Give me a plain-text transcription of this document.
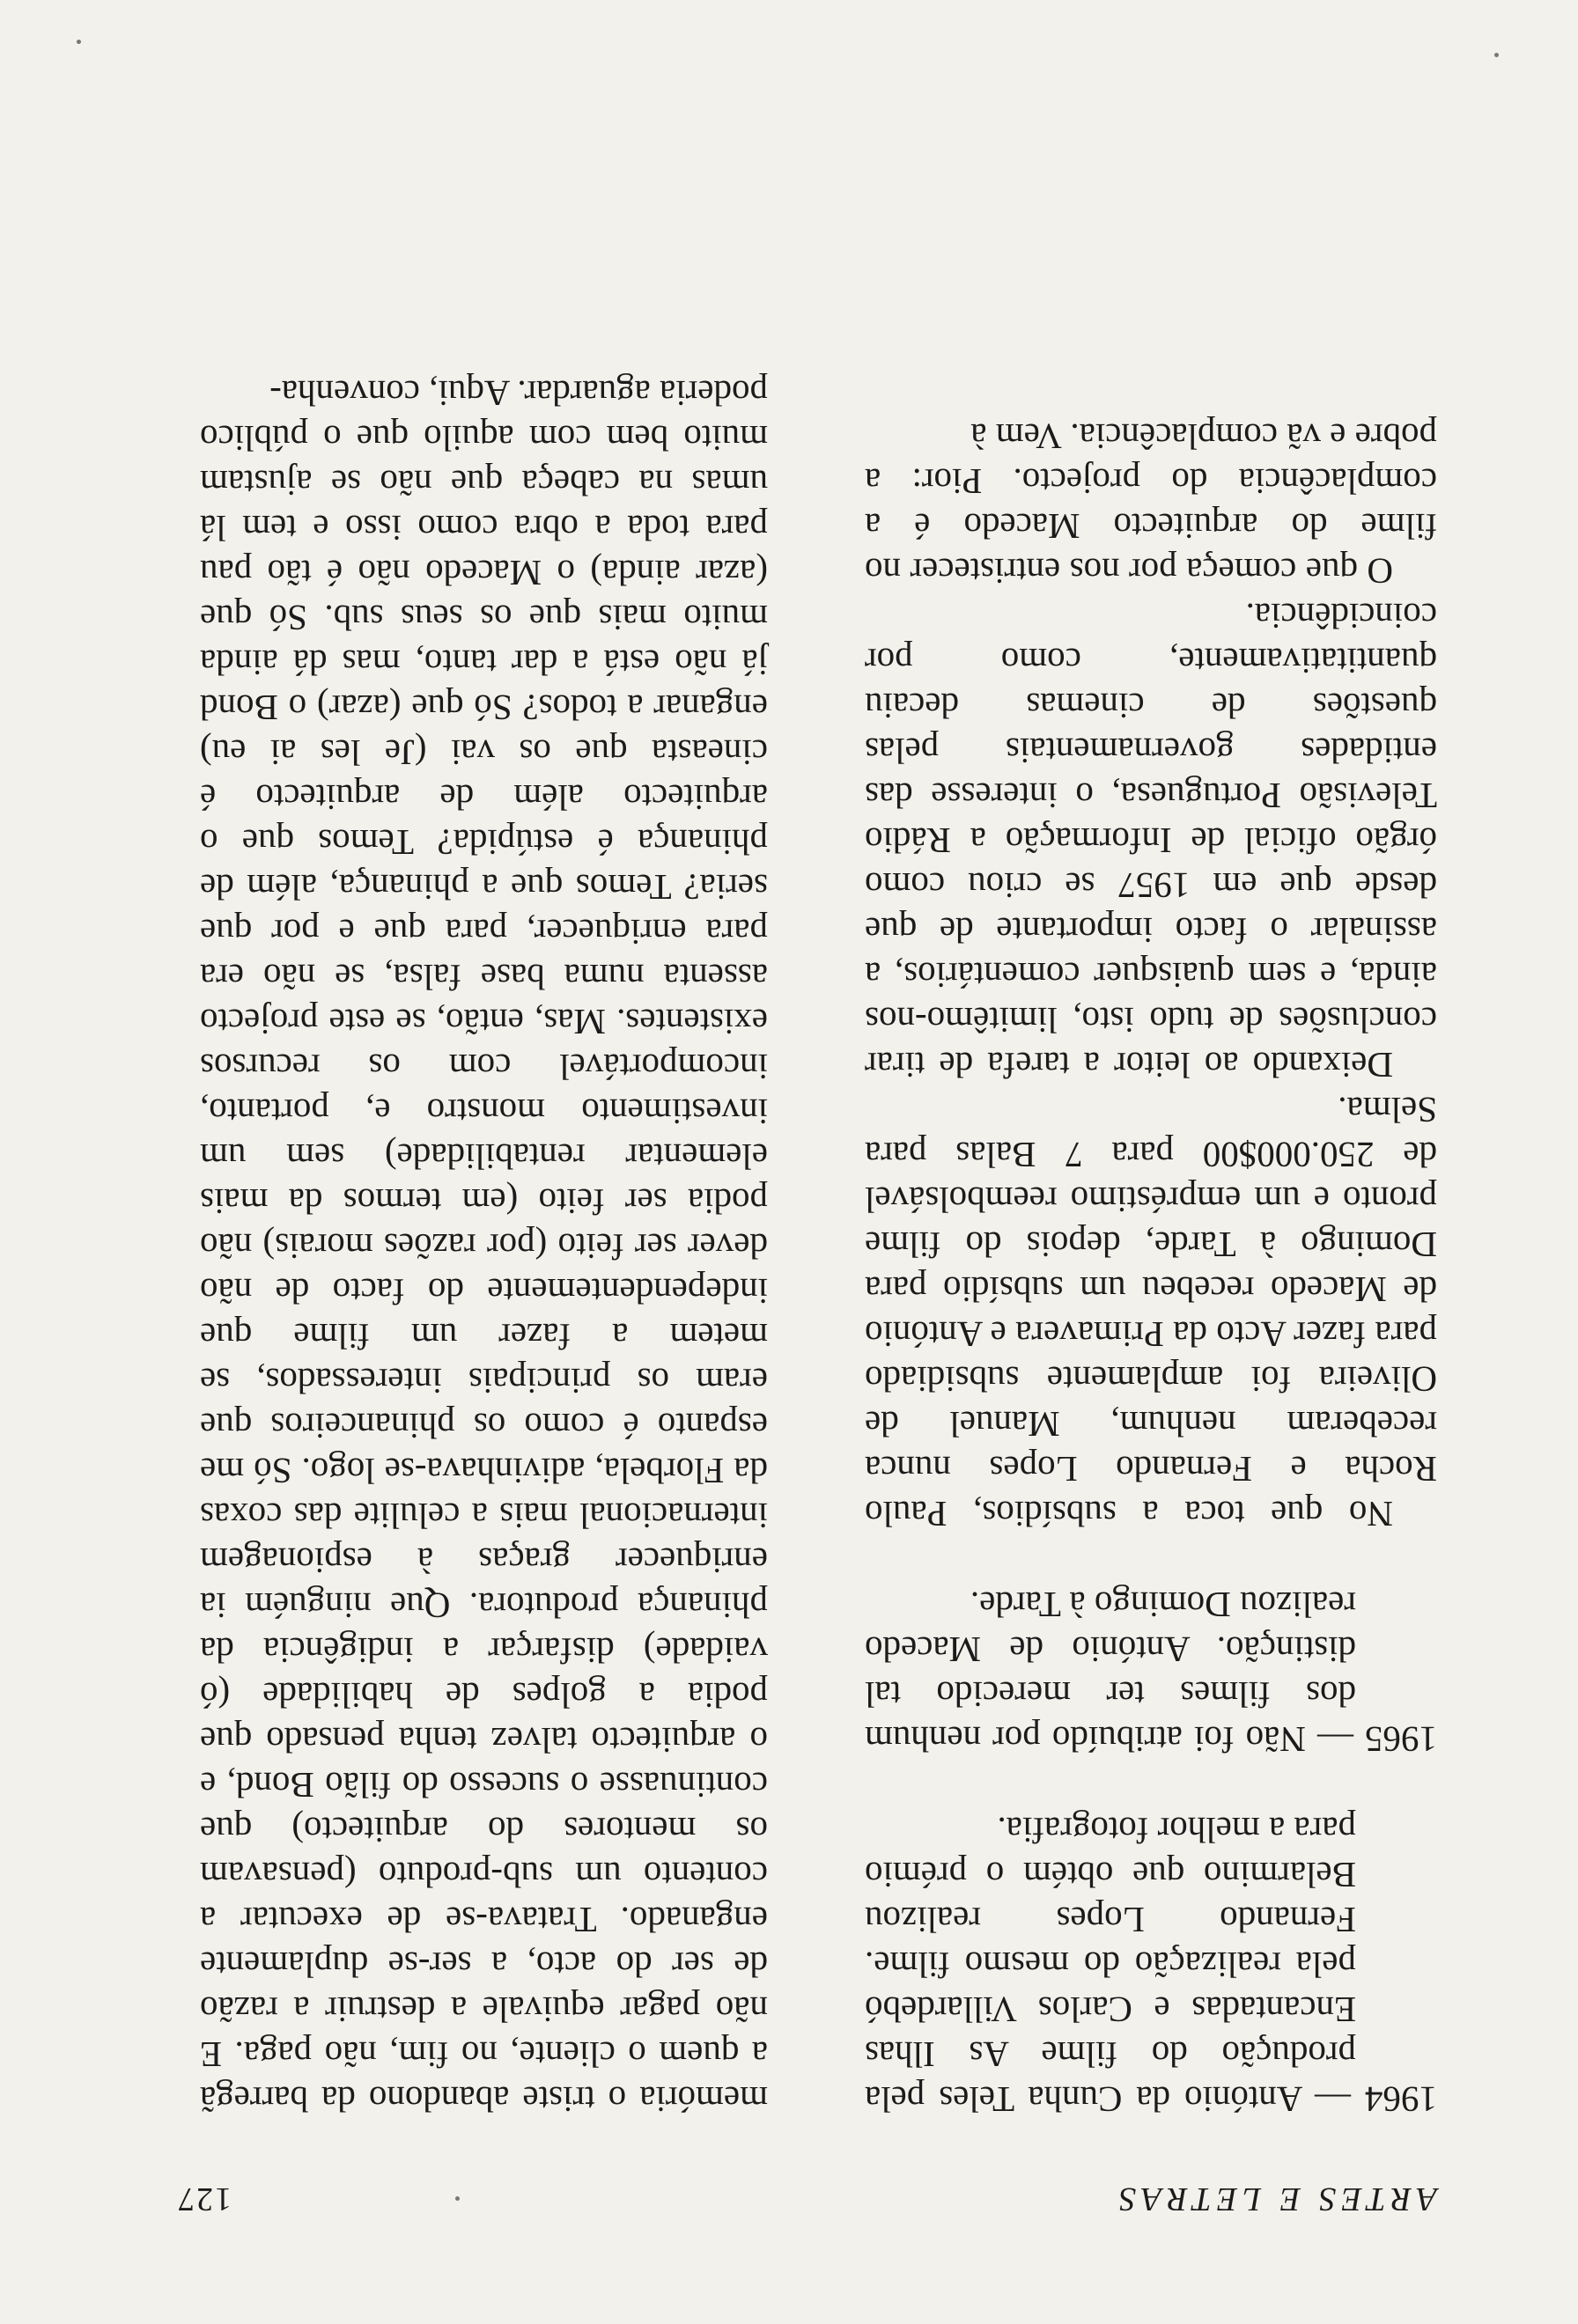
ARTES E LETRAS
127

1964 — António da Cunha Teles pela produção do filme As Ilhas Encantadas e Carlos Villardebó pela realização do mesmo filme. Fernando Lopes realizou Belarmino que obtém o prémio para a melhor fotografia.

1965 — Não foi atribuído por nenhum dos filmes ter merecido tal distinção. António de Macedo realizou Domingo à Tarde.

No que toca a subsídios, Paulo Rocha e Fernando Lopes nunca receberam nenhum, Manuel de Oliveira foi amplamente subsidiado para fazer Acto da Primavera e António de Macedo recebeu um subsídio para Domingo à Tarde, depois do filme pronto e um empréstimo reembolsável de 250.000$00 para 7 Balas para Selma.

Deixando ao leitor a tarefa de tirar conclusões de tudo isto, limitêmo-nos ainda, e sem quaisquer comentários, a assinalar o facto importante de que desde que em 1957 se criou como órgão oficial de Informação a Rádio Televisão Portuguesa, o interesse das entidades governamentais pelas questões de cinemas decaiu quantitativamente, como por coincidência.

O que começa por nos entristecer no filme do arquitecto Macedo é a complacência do projecto. Pior: a pobre e vã complacência. Vem à

memória o triste abandono da barregã a quem o cliente, no fim, não paga. E não pagar equivale a destruir a razão de ser do acto, a ser-se duplamente enganado. Tratava-se de executar a contento um sub-produto (pensavam os mentores do arquitecto) que continuasse o sucesso do filão Bond, e o arquitecto talvez tenha pensado que podia a golpes de habilidade (ó vaidade) disfarçar a indigência da phinança produtora. Que ninguém ia enriquecer graças à espionagem internacional mais a celulite das coxas da Florbela, adivinhava-se logo. Só me espanto é como os phinanceiros que eram os principais interessados, se metem a fazer um filme que independentemente do facto de não dever ser feito (por razões morais) não podia ser feito (em termos da mais elementar rentabilidade) sem um investimento monstro e, portanto, incomportável com os recursos existentes. Mas, então, se este projecto assenta numa base falsa, se não era para enriquecer, para que e por que seria? Temos que a phinança, além de phinança é estúpida? Temos que o arquitecto além de arquitecto é cineasta que os vai (Je les ai eu) enganar a todos? Só que (azar) o Bond já não está a dar tanto, mas dá ainda muito mais que os seus sub. Só que (azar ainda) o Macedo não é tão pau para toda a obra como isso e tem lá umas na cabeça que não se ajustam muito bem com aquilo que o público poderia aguardar. Aqui, convenha-
